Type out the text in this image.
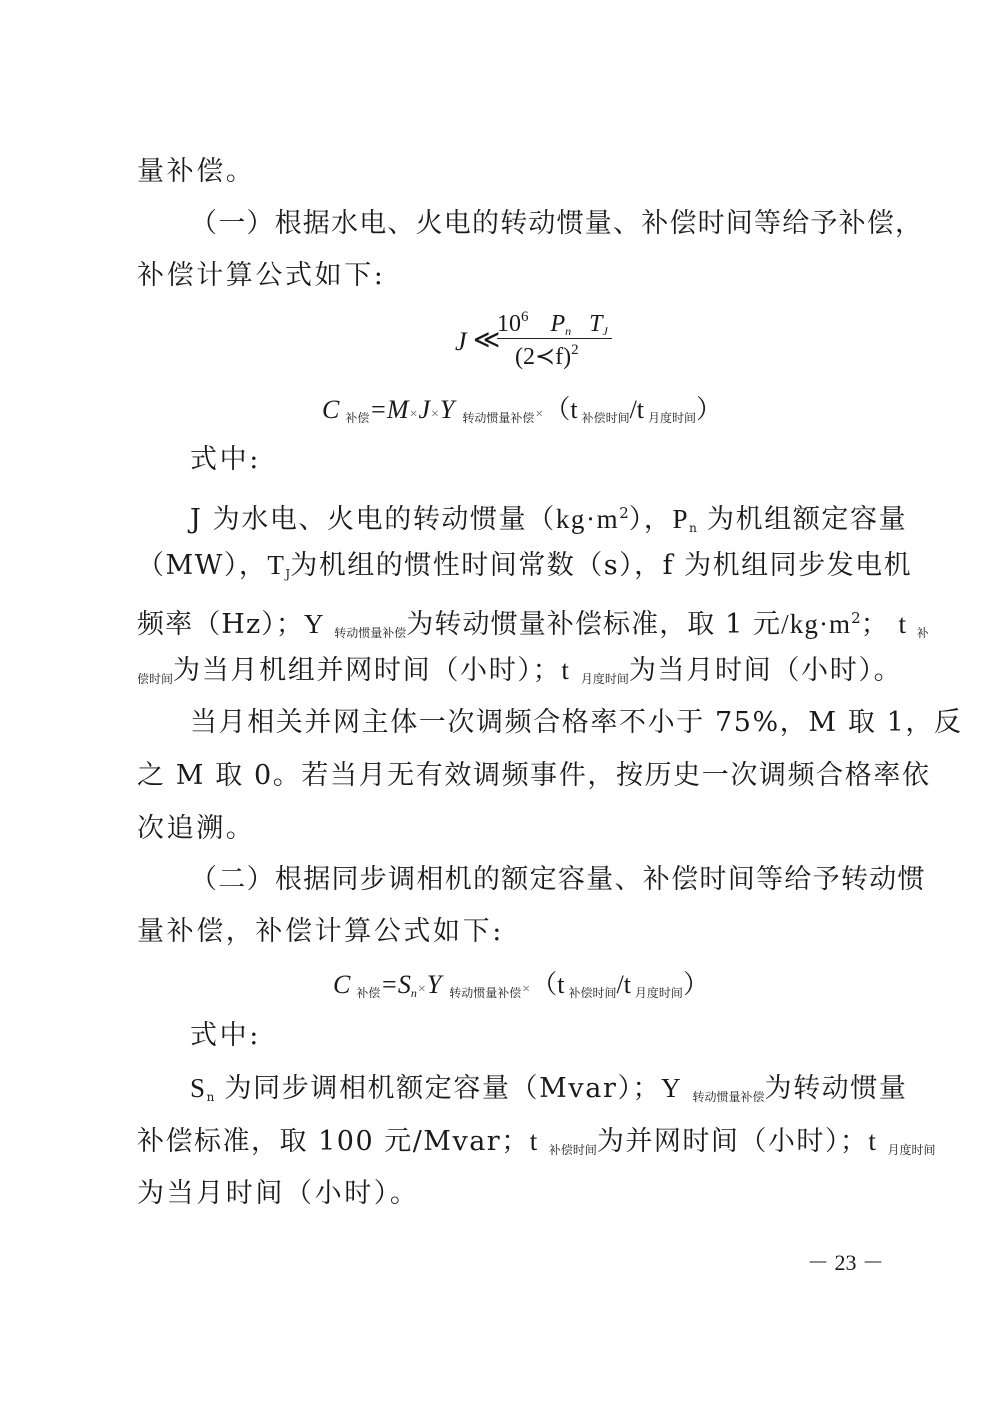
量补偿。
（一）根据水电、火电的转动惯量、补偿时间等给予补偿，
补偿计算公式如下:
J ≪
$10^6$ $P_n$ $T_J$
(2≺f)$^2$
C $_{补偿}$=M×J×Y $_{转动惯量补偿}$×（t $_{补偿时间}$/t $_{月度时间}$）
式中:
J 为水电、火电的转动惯量$(kg\cdot m^2)$，$P_n$ 为机组额定容量
（MW），$T_J$为机组的惯性时间常数（s），f 为机组同步发电机
频率（Hz）；Y $_{转动惯量补偿}$为转动惯量补偿标准，取 1 元$/kg\cdot m^2$； t $_补$
$_{偿时间}$为当月机组并网时间（小时）；t $_{月度时间}$为当月时间（小时）。
当月相关并网主体一次调频合格率不小于 75%，M 取 1，反
之 M 取 0。若当月无有效调频事件，按历史一次调频合格率依
次追溯。
（二）根据同步调相机的额定容量、补偿时间等给予转动惯
量补偿，补偿计算公式如下:
C $_{补偿}=S_n\times Y$ $_{转动惯量补偿}$×（t $_{补偿时间}$/t $_{月度时间}$）
式中:
$S_n$ 为同步调相机额定容量（Mvar）；Y $_{转动惯量补偿}$为转动惯量
补偿标准，取 100 元/Mvar；t $_{补偿时间}$为并网时间（小时）；t $_{月度时间}$
为当月时间（小时）。
－ 23 －
